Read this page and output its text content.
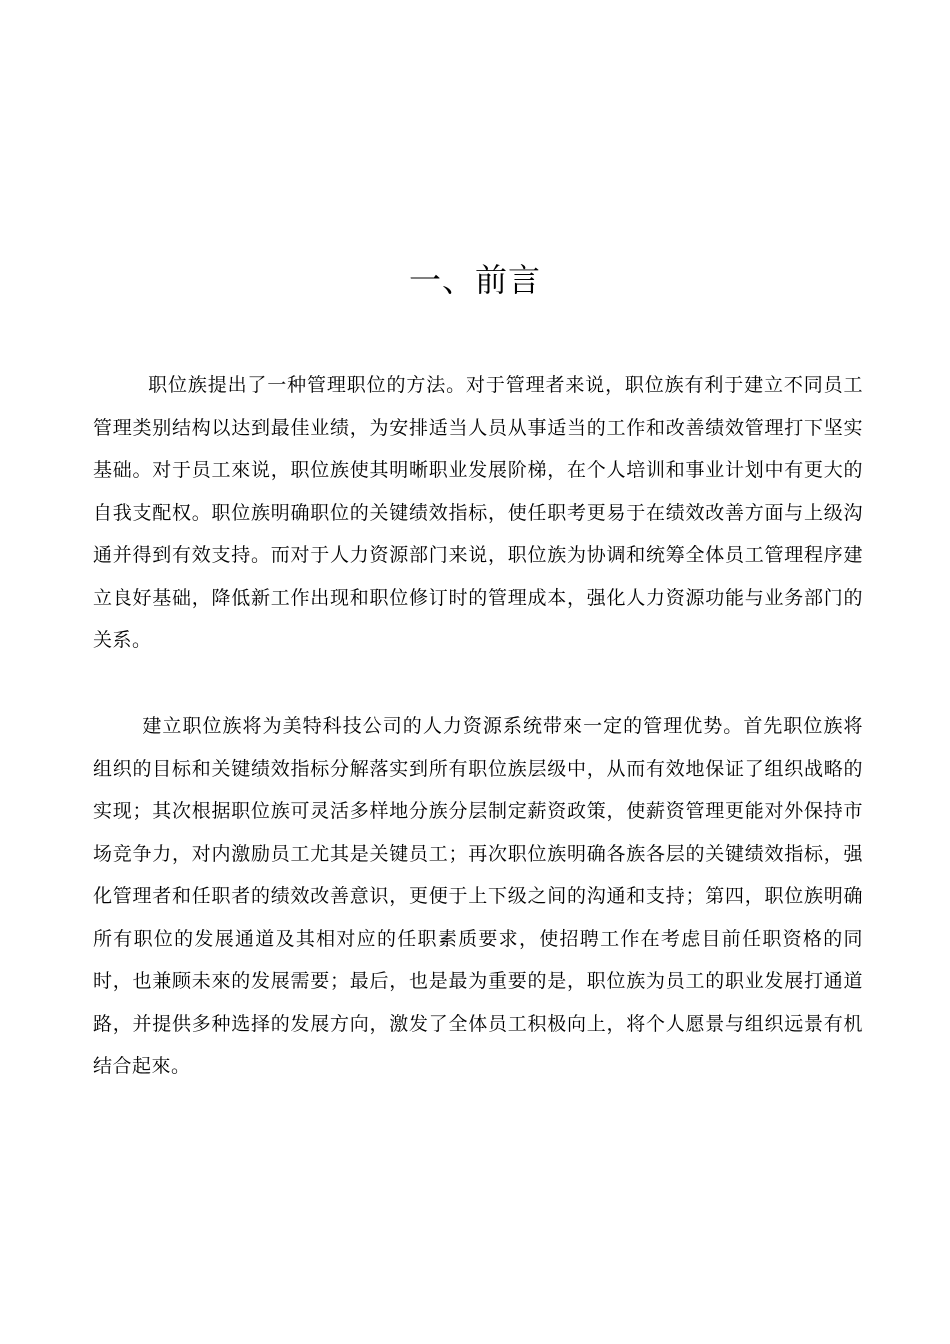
一、前言

职位族提出了一种管理职位的方法。对于管理者来说，职位族有利于建立不同员工管理类别结构以达到最佳业绩，为安排适当人员从事适当的工作和改善绩效管理打下坚实基础。对于员工來说，职位族使其明晰职业发展阶梯，在个人培训和事业计划中有更大的自我支配权。职位族明确职位的关键绩效指标，使任职考更易于在绩效改善方面与上级沟通并得到有效支持。而对于人力资源部门来说，职位族为协调和统筹全体员工管理程序建立良好基础，降低新工作出现和职位修订时的管理成本，强化人力资源功能与业务部门的关系。

建立职位族将为美特科技公司的人力资源系统带來一定的管理优势。首先职位族将组织的目标和关键绩效指标分解落实到所有职位族层级中，从而有效地保证了组织战略的实现；其次根据职位族可灵活多样地分族分层制定薪资政策，使薪资管理更能对外保持市场竞争力，对内激励员工尤其是关键员工；再次职位族明确各族各层的关键绩效指标，强化管理者和任职者的绩效改善意识，更便于上下级之间的沟通和支持；第四，职位族明确所有职位的发展通道及其相对应的任职素质要求，使招聘工作在考虑目前任职资格的同时，也兼顾未來的发展需要；最后，也是最为重要的是，职位族为员工的职业发展打通道路，并提供多种选择的发展方向，激发了全体员工积极向上，将个人愿景与组织远景有机结合起來。
